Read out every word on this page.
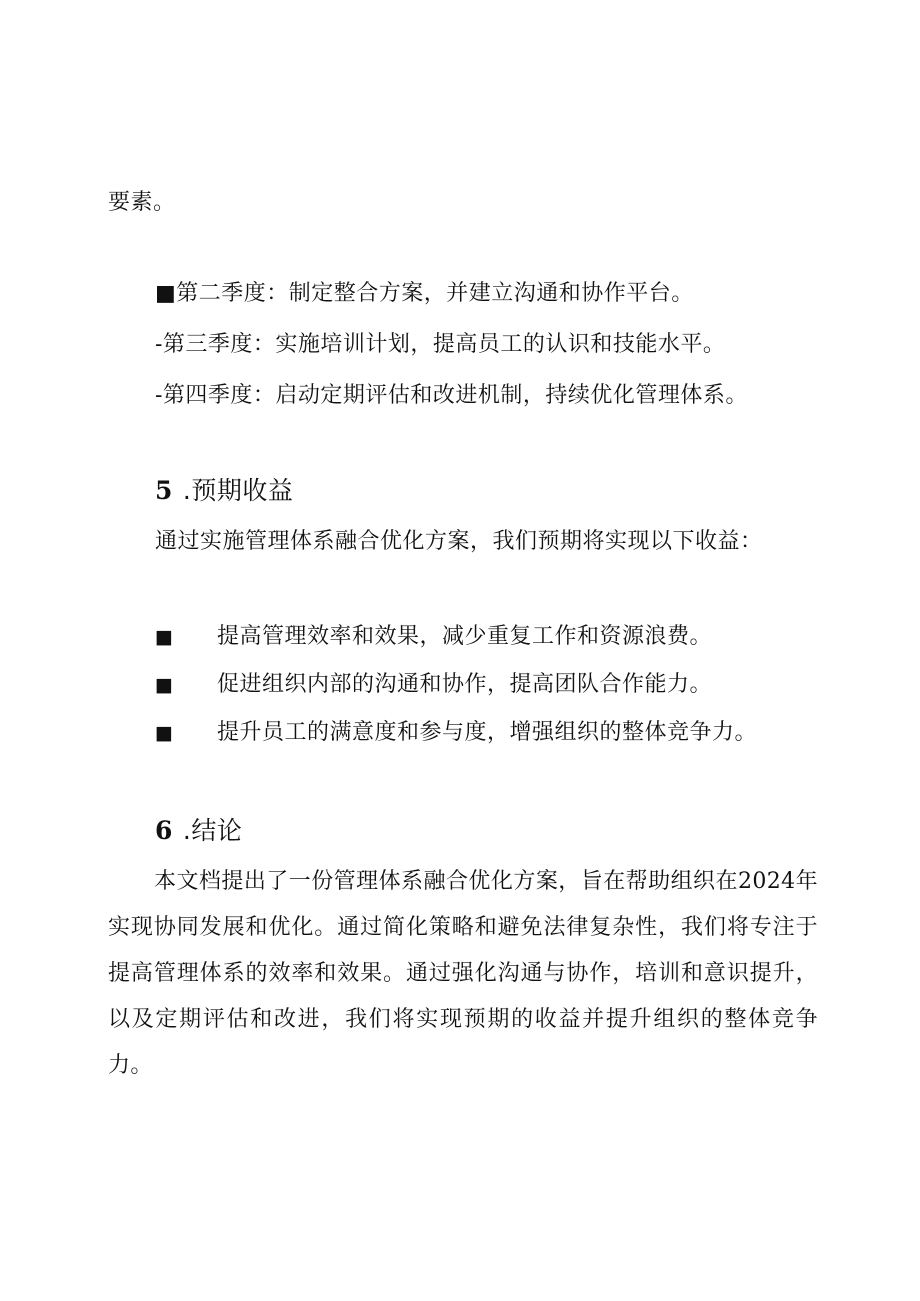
要素。
■第二季度：制定整合方案，并建立沟通和协作平台。
-第三季度：实施培训计划，提高员工的认识和技能水平。
-第四季度：启动定期评估和改进机制，持续优化管理体系。
5 .预期收益
通过实施管理体系融合优化方案，我们预期将实现以下收益：
■ 提高管理效率和效果，减少重复工作和资源浪费。
■ 促进组织内部的沟通和协作，提高团队合作能力。
■ 提升员工的满意度和参与度，增强组织的整体竞争力。
6 .结论
本文档提出了一份管理体系融合优化方案，旨在帮助组织在2024年实现协同发展和优化。通过简化策略和避免法律复杂性，我们将专注于提高管理体系的效率和效果。通过强化沟通与协作，培训和意识提升，以及定期评估和改进，我们将实现预期的收益并提升组织的整体竞争力。
